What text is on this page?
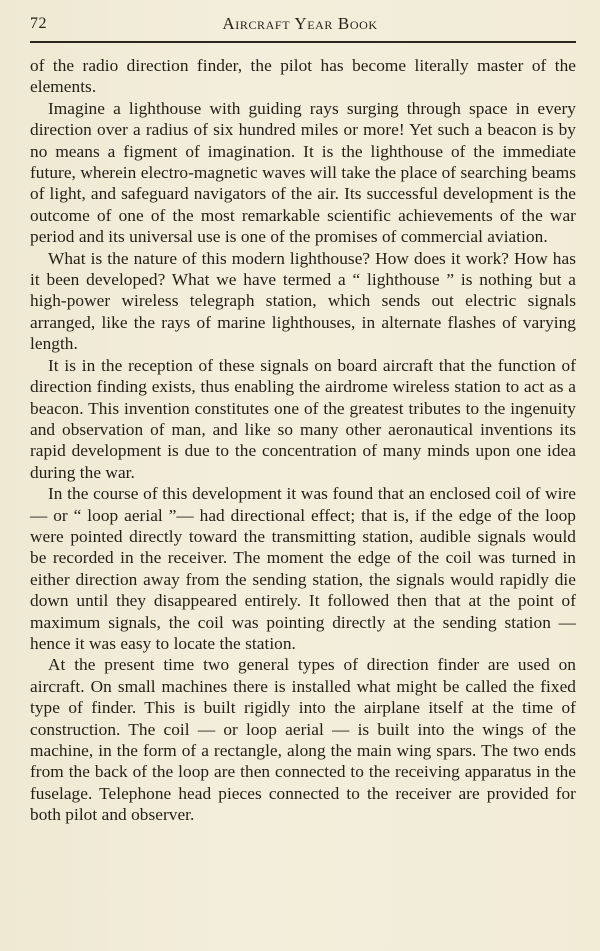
72	Aircraft Year Book

of the radio direction finder, the pilot has become literally master of the elements.

Imagine a lighthouse with guiding rays surging through space in every direction over a radius of six hundred miles or more! Yet such a beacon is by no means a figment of imagination. It is the lighthouse of the immediate future, wherein electro-magnetic waves will take the place of searching beams of light, and safeguard navigators of the air. Its successful development is the outcome of one of the most remarkable scientific achievements of the war period and its universal use is one of the promises of commercial aviation.

What is the nature of this modern lighthouse? How does it work? How has it been developed? What we have termed a “ lighthouse ” is nothing but a high-power wireless telegraph station, which sends out electric signals arranged, like the rays of marine lighthouses, in alternate flashes of varying length.

It is in the reception of these signals on board aircraft that the function of direction finding exists, thus enabling the airdrome wireless station to act as a beacon. This invention constitutes one of the greatest tributes to the ingenuity and observation of man, and like so many other aeronautical inventions its rapid development is due to the concentration of many minds upon one idea during the war.

In the course of this development it was found that an enclosed coil of wire — or “ loop aerial ”— had directional effect; that is, if the edge of the loop were pointed directly toward the transmitting station, audible signals would be recorded in the receiver. The moment the edge of the coil was turned in either direction away from the sending station, the signals would rapidly die down until they disappeared entirely. It followed then that at the point of maximum signals, the coil was pointing directly at the sending station — hence it was easy to locate the station.

At the present time two general types of direction finder are used on aircraft. On small machines there is installed what might be called the fixed type of finder. This is built rigidly into the airplane itself at the time of construction. The coil — or loop aerial — is built into the wings of the machine, in the form of a rectangle, along the main wing spars. The two ends from the back of the loop are then connected to the receiving apparatus in the fuselage. Telephone head pieces connected to the receiver are provided for both pilot and observer.
